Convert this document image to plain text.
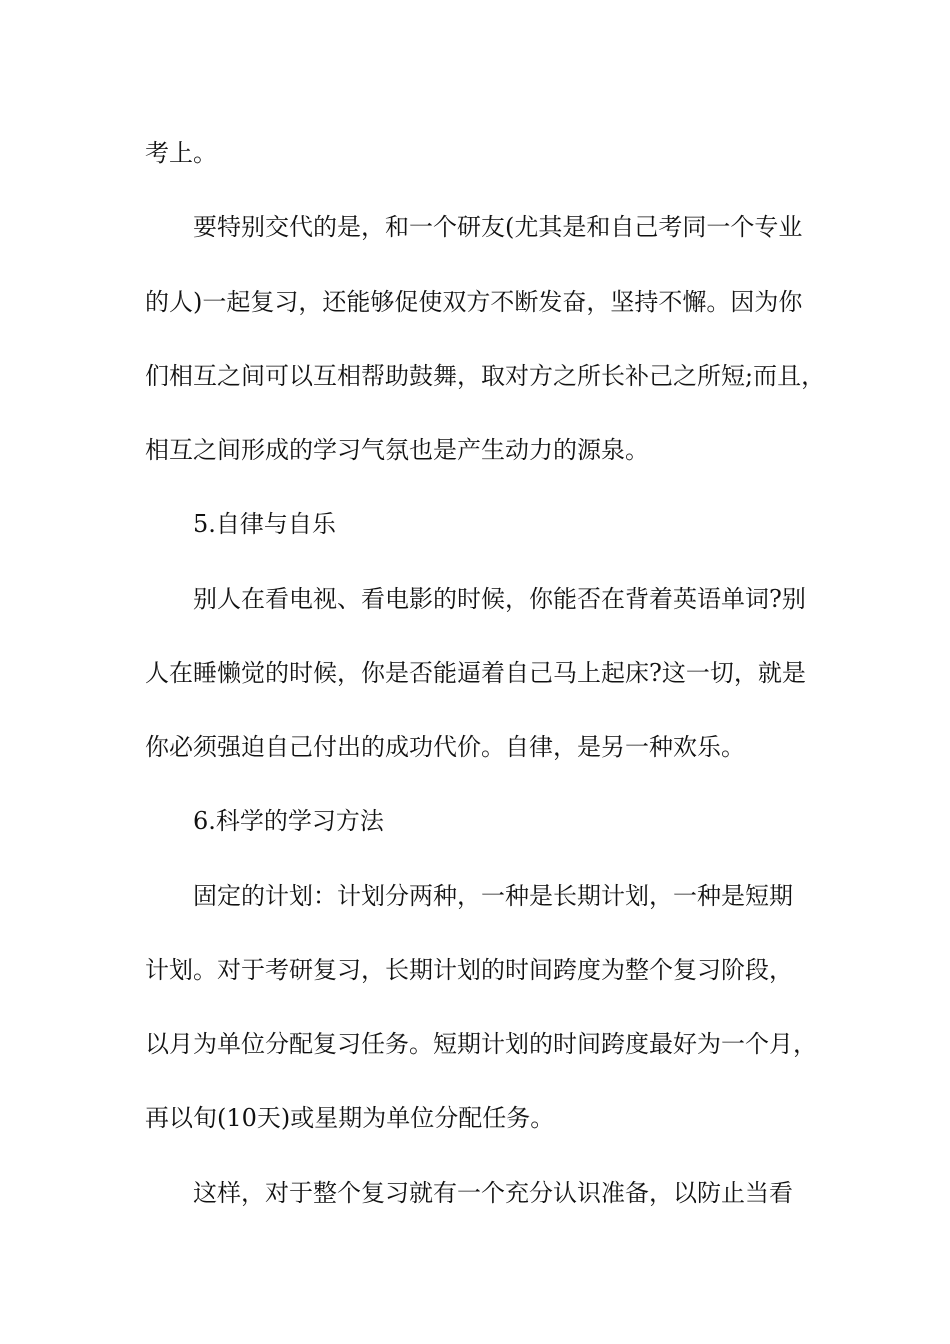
考上。
要特别交代的是，和一个研友(尤其是和自己考同一个专业
的人)一起复习，还能够促使双方不断发奋，坚持不懈。因为你
们相互之间可以互相帮助鼓舞，取对方之所长补己之所短;而且，
相互之间形成的学习气氛也是产生动力的源泉。
5.自律与自乐
别人在看电视、看电影的时候，你能否在背着英语单词?别
人在睡懒觉的时候，你是否能逼着自己马上起床?这一切，就是
你必须强迫自己付出的成功代价。自律，是另一种欢乐。
6.科学的学习方法
固定的计划：计划分两种，一种是长期计划，一种是短期
计划。对于考研复习，长期计划的时间跨度为整个复习阶段，
以月为单位分配复习任务。短期计划的时间跨度最好为一个月，
再以旬(10天)或星期为单位分配任务。
这样，对于整个复习就有一个充分认识准备，以防止当看
